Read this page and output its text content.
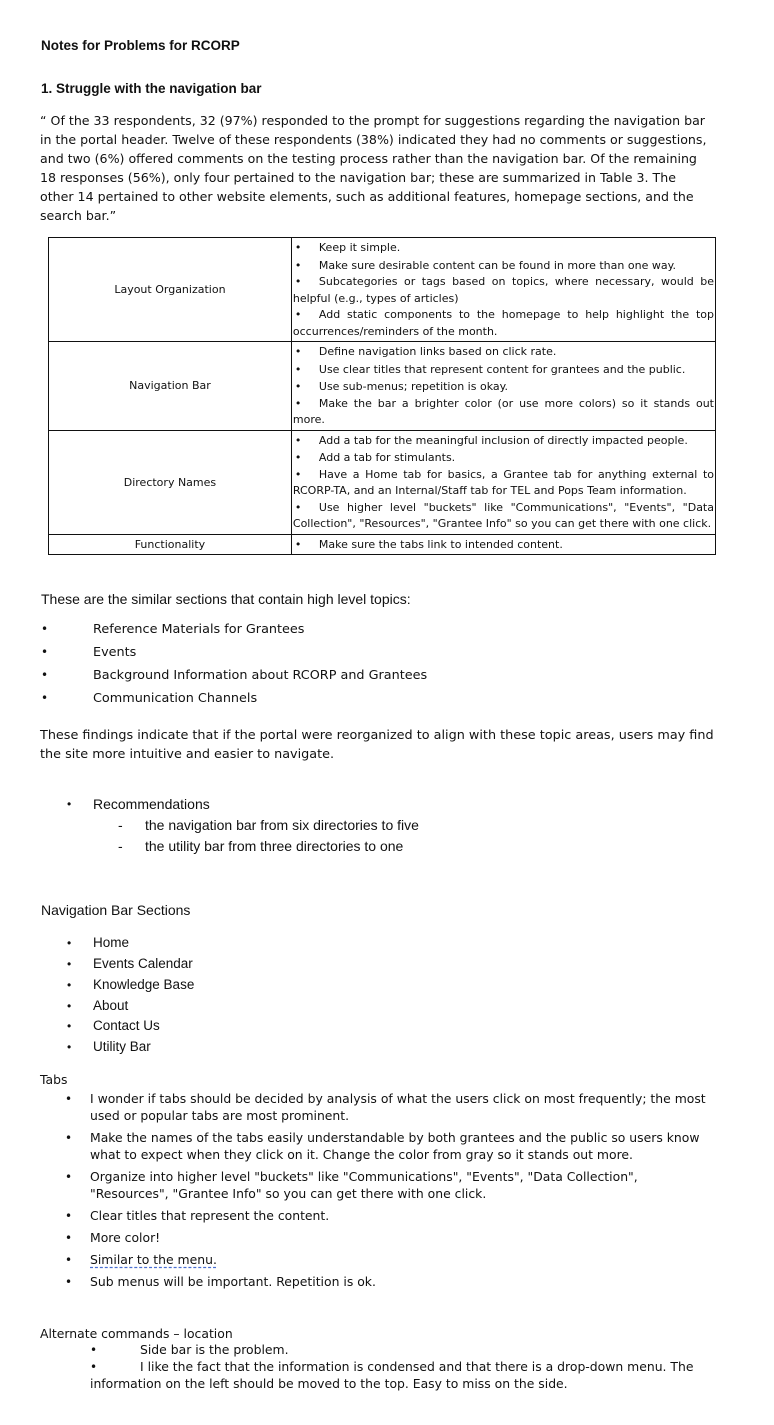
Notes for Problems for RCORP
1. Struggle with the navigation bar
“ Of the 33 respondents, 32 (97%) responded to the prompt for suggestions regarding the navigation bar
in the portal header. Twelve of these respondents (38%) indicated they had no comments or suggestions,
and two (6%) offered comments on the testing process rather than the navigation bar. Of the remaining
18 responses (56%), only four pertained to the navigation bar; these are summarized in Table 3. The
other 14 pertained to other website elements, such as additional features, homepage sections, and the
search bar.”
Layout Organization	• Keep it simple.
• Make sure desirable content can be found in more than one way.
• Subcategories or tags based on topics, where necessary, would be helpful (e.g., types of articles)
• Add static components to the homepage to help highlight the top occurrences/reminders of the month.

Navigation Bar	• Define navigation links based on click rate.
• Use clear titles that represent content for grantees and the public.
• Use sub-menus; repetition is okay.
• Make the bar a brighter color (or use more colors) so it stands out more.

Directory Names	• Add a tab for the meaningful inclusion of directly impacted people.
• Add a tab for stimulants.
• Have a Home tab for basics, a Grantee tab for anything external to RCORP-TA, and an Internal/Staff tab for TEL and Pops Team information.
• Use higher level "buckets" like "Communications", "Events", "Data Collection", "Resources", "Grantee Info" so you can get there with one click.

Functionality	• Make sure the tabs link to intended content.
These are the similar sections that contain high level topics:
•	Reference Materials for Grantees
•	Events
•	Background Information about RCORP and Grantees
•	Communication Channels
These findings indicate that if the portal were reorganized to align with these topic areas, users may find
the site more intuitive and easier to navigate.
• Recommendations
- the navigation bar from six directories to five
- the utility bar from three directories to one
Navigation Bar Sections
• Home
• Events Calendar
• Knowledge Base
• About
• Contact Us
• Utility Bar
Tabs
• I wonder if tabs should be decided by analysis of what the users click on most frequently; the most
used or popular tabs are most prominent.
• Make the names of the tabs easily understandable by both grantees and the public so users know
what to expect when they click on it. Change the color from gray so it stands out more.
• Organize into higher level "buckets" like "Communications", "Events", "Data Collection",
"Resources", "Grantee Info" so you can get there with one click.
• Clear titles that represent the content.
• More color!
• Similar to the menu.
• Sub menus will be important. Repetition is ok.
Alternate commands – location
•	Side bar is the problem.
•	I like the fact that the information is condensed and that there is a drop-down menu. The
information on the left should be moved to the top. Easy to miss on the side.
